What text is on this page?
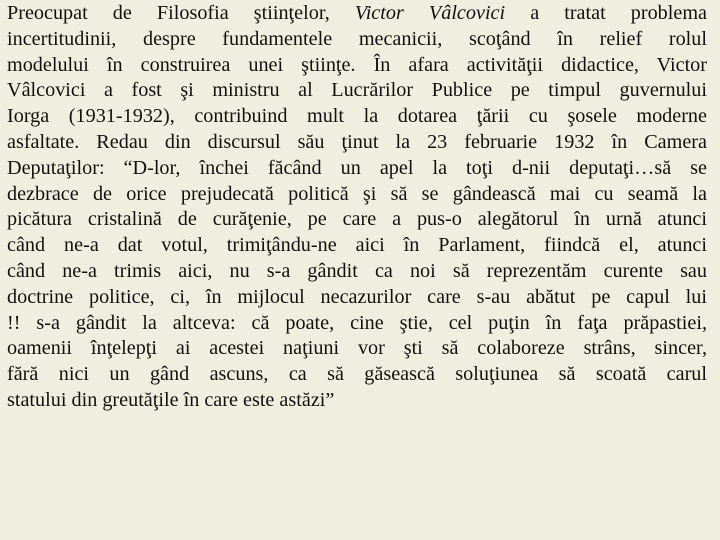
Preocupat de Filosofia ştiinţelor, Victor Vâlcovici a tratat problema
incertitudinii, despre fundamentele mecanicii, scoţând în relief rolul
modelului în construirea unei ştiinţe. În afara activităţii didactice, Victor
Vâlcovici a fost şi ministru al Lucrărilor Publice pe timpul guvernului
Iorga (1931-1932), contribuind mult la dotarea ţării cu şosele moderne
asfaltate. Redau din discursul său ţinut la 23 februarie 1932 în Camera
Deputaţilor: “D-lor, închei făcând un apel la toţi d-nii deputaţi…să se
dezbrace de orice prejudecată politică şi să se gândească mai cu seamă la
picătura cristalină de curăţenie, pe care a pus-o alegătorul în urnă atunci
când ne-a dat votul, trimiţându-ne aici în Parlament, fiindcă el, atunci
când ne-a trimis aici, nu s-a gândit ca noi să reprezentăm curente sau
doctrine politice, ci, în mijlocul necazurilor care s-au abătut pe capul lui
!! s-a gândit la altceva: că poate, cine ştie, cel puţin în faţa prăpastiei,
oamenii înţelepţi ai acestei naţiuni vor şti să colaboreze strâns, sincer,
fără nici un gând ascuns, ca să găsească soluţiunea să scoată carul
statului din greutăţile în care este astăzi”
